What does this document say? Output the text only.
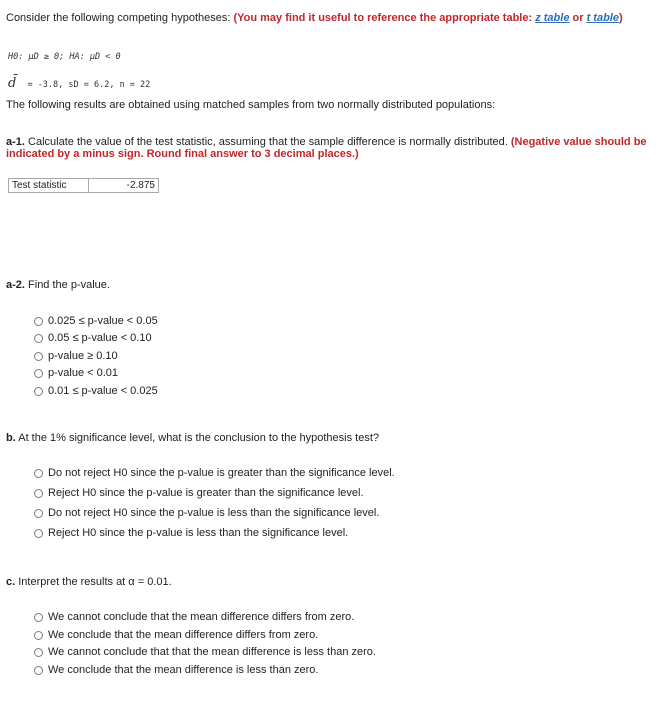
Consider the following competing hypotheses: (You may find it useful to reference the appropriate table: z table or t table)
H0: μD ≥ 0; HA: μD < 0
d̄ = -3.8, sD = 6.2, n = 22
The following results are obtained using matched samples from two normally distributed populations:
a-1. Calculate the value of the test statistic, assuming that the sample difference is normally distributed. (Negative value should be
indicated by a minus sign. Round final answer to 3 decimal places.)
Test statistic
-2.875
a-2. Find the p-value.
0.025 ≤ p-value < 0.05
0.05 ≤ p-value < 0.10
p-value ≥ 0.10
p-value < 0.01
0.01 ≤ p-value < 0.025
b. At the 1% significance level, what is the conclusion to the hypothesis test?
Do not reject H0 since the p-value is greater than the significance level.
Reject H0 since the p-value is greater than the significance level.
Do not reject H0 since the p-value is less than the significance level.
Reject H0 since the p-value is less than the significance level.
c. Interpret the results at α = 0.01.
We cannot conclude that the mean difference differs from zero.
We conclude that the mean difference differs from zero.
We cannot conclude that that the mean difference is less than zero.
We conclude that the mean difference is less than zero.
